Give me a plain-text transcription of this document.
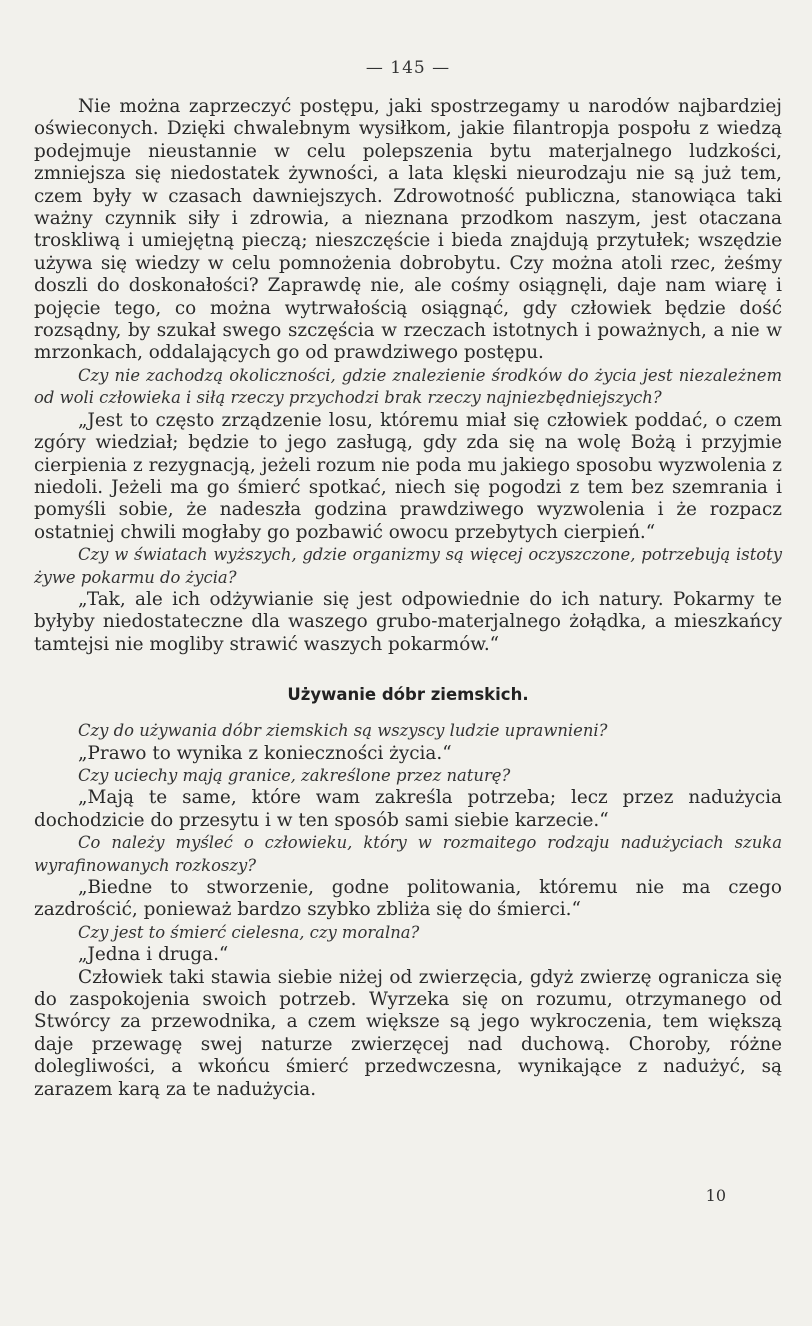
— 145 —

Nie można zaprzeczyć postępu, jaki spostrzegamy u narodów najbardziej oświeconych. Dzięki chwalebnym wysiłkom, jakie filantropja pospołu z wiedzą podejmuje nieustannie w celu polepszenia bytu materjalnego ludzkości, zmniejsza się niedostatek żywności, a lata klęski nieurodzaju nie są już tem, czem były w czasach dawniejszych. Zdrowotność publiczna, stanowiąca taki ważny czynnik siły i zdrowia, a nieznana przodkom naszym, jest otaczana troskliwą i umiejętną pieczą; nieszczęście i bieda znajdują przytułek; wszędzie używa się wiedzy w celu pomnożenia dobrobytu. Czy można atoli rzec, żeśmy doszli do doskonałości? Zaprawdę nie, ale cośmy osiągnęli, daje nam wiarę i pojęcie tego, co można wytrwałością osiągnąć, gdy człowiek będzie dość rozsądny, by szukał swego szczęścia w rzeczach istotnych i poważnych, a nie w mrzonkach, oddalających go od prawdziwego postępu.

Czy nie zachodzą okoliczności, gdzie znalezienie środków do życia jest niezależnem od woli człowieka i siłą rzeczy przychodzi brak rzeczy najniezbędniejszych?

„Jest to często zrządzenie losu, któremu miał się człowiek poddać, o czem zgóry wiedział; będzie to jego zasługą, gdy zda się na wolę Bożą i przyjmie cierpienia z rezygnacją, jeżeli rozum nie poda mu jakiego sposobu wyzwolenia z niedoli. Jeżeli ma go śmierć spotkać, niech się pogodzi z tem bez szemrania i pomyśli sobie, że nadeszła godzina prawdziwego wyzwolenia i że rozpacz ostatniej chwili mogłaby go pozbawić owocu przebytych cierpień.“

Czy w światach wyższych, gdzie organizmy są więcej oczyszczone, potrzebują istoty żywe pokarmu do życia?

„Tak, ale ich odżywianie się jest odpowiednie do ich natury. Pokarmy te byłyby niedostateczne dla waszego grubo-materjalnego żołądka, a mieszkańcy tamtejsi nie mogliby strawić waszych pokarmów.“

Używanie dóbr ziemskich.

Czy do używania dóbr ziemskich są wszyscy ludzie uprawnieni?

„Prawo to wynika z konieczności życia.“

Czy uciechy mają granice, zakreślone przez naturę?

„Mają te same, które wam zakreśla potrzeba; lecz przez nadużycia dochodzicie do przesytu i w ten sposób sami siebie karzecie.“

Co należy myśleć o człowieku, który w rozmaitego rodzaju nadużyciach szuka wyrafinowanych rozkoszy?

„Biedne to stworzenie, godne politowania, któremu nie ma czego zazdrościć, ponieważ bardzo szybko zbliża się do śmierci.“

Czy jest to śmierć cielesna, czy moralna?

„Jedna i druga.“

Człowiek taki stawia siebie niżej od zwierzęcia, gdyż zwierzę ogranicza się do zaspokojenia swoich potrzeb. Wyrzeka się on rozumu, otrzymanego od Stwórcy za przewodnika, a czem większe są jego wykroczenia, tem większą daje przewagę swej naturze zwierzęcej nad duchową. Choroby, różne dolegliwości, a wkońcu śmierć przedwczesna, wynikające z nadużyć, są zarazem karą za te nadużycia.

10
